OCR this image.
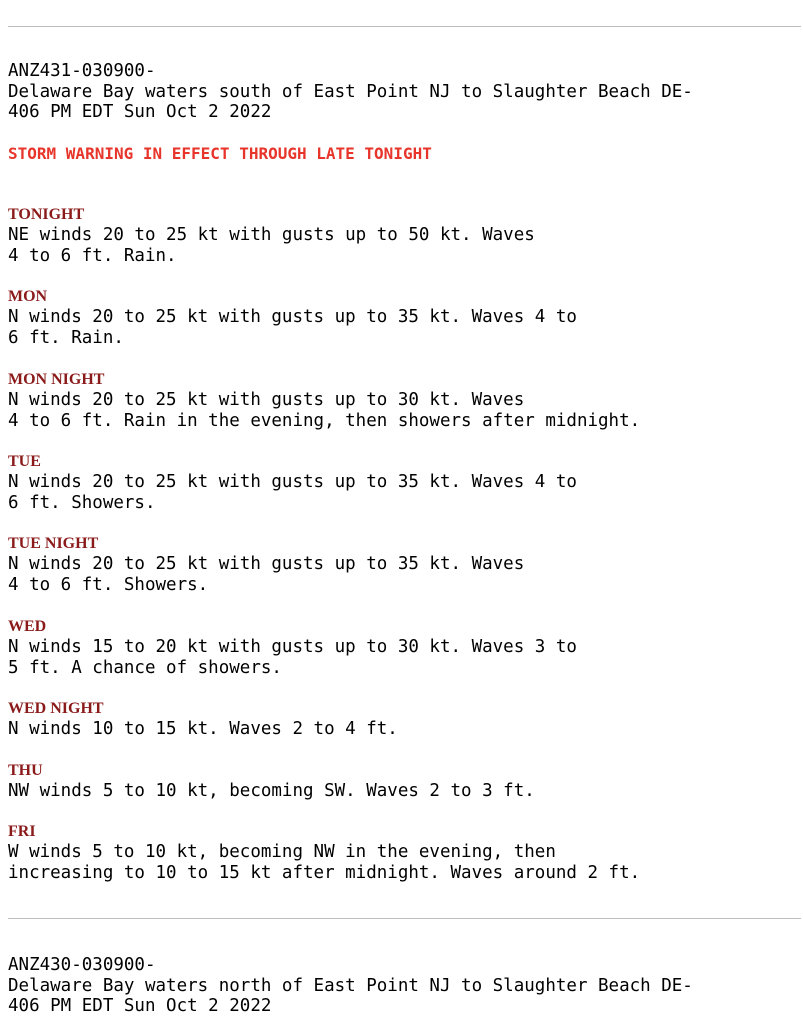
ANZ431-030900-
Delaware Bay waters south of East Point NJ to Slaughter Beach DE-
406 PM EDT Sun Oct 2 2022
STORM WARNING IN EFFECT THROUGH LATE TONIGHT
TONIGHT
NE winds 20 to 25 kt with gusts up to 50 kt. Waves
4 to 6 ft. Rain.
MON
N winds 20 to 25 kt with gusts up to 35 kt. Waves 4 to
6 ft. Rain.
MON NIGHT
N winds 20 to 25 kt with gusts up to 30 kt. Waves
4 to 6 ft. Rain in the evening, then showers after midnight.
TUE
N winds 20 to 25 kt with gusts up to 35 kt. Waves 4 to
6 ft. Showers.
TUE NIGHT
N winds 20 to 25 kt with gusts up to 35 kt. Waves
4 to 6 ft. Showers.
WED
N winds 15 to 20 kt with gusts up to 30 kt. Waves 3 to
5 ft. A chance of showers.
WED NIGHT
N winds 10 to 15 kt. Waves 2 to 4 ft.
THU
NW winds 5 to 10 kt, becoming SW. Waves 2 to 3 ft.
FRI
W winds 5 to 10 kt, becoming NW in the evening, then
increasing to 10 to 15 kt after midnight. Waves around 2 ft.
ANZ430-030900-
Delaware Bay waters north of East Point NJ to Slaughter Beach DE-
406 PM EDT Sun Oct 2 2022
